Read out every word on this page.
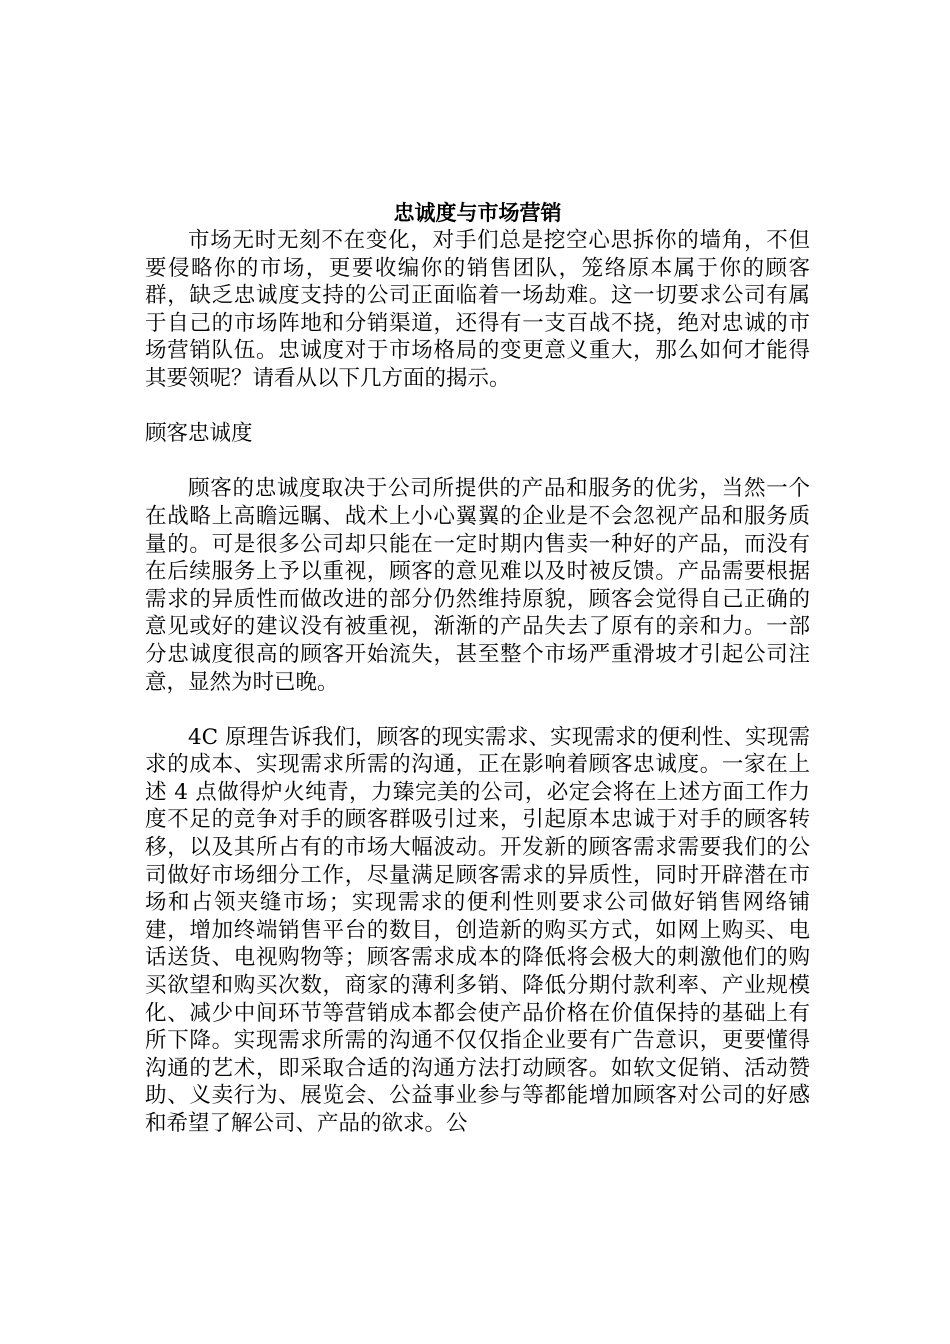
忠诚度与市场营销

市场无时无刻不在变化，对手们总是挖空心思拆你的墙角，不但要侵略你的市场，更要收编你的销售团队，笼络原本属于你的顾客群，缺乏忠诚度支持的公司正面临着一场劫难。这一切要求公司有属于自己的市场阵地和分销渠道，还得有一支百战不挠，绝对忠诚的市场营销队伍。忠诚度对于市场格局的变更意义重大，那么如何才能得其要领呢？请看从以下几方面的揭示。

顾客忠诚度

顾客的忠诚度取决于公司所提供的产品和服务的优劣，当然一个在战略上高瞻远瞩、战术上小心翼翼的企业是不会忽视产品和服务质量的。可是很多公司却只能在一定时期内售卖一种好的产品，而没有在后续服务上予以重视，顾客的意见难以及时被反馈。产品需要根据需求的异质性而做改进的部分仍然维持原貌，顾客会觉得自己正确的意见或好的建议没有被重视，渐渐的产品失去了原有的亲和力。一部分忠诚度很高的顾客开始流失，甚至整个市场严重滑坡才引起公司注意，显然为时已晚。

4C 原理告诉我们，顾客的现实需求、实现需求的便利性、实现需求的成本、实现需求所需的沟通，正在影响着顾客忠诚度。一家在上述 4 点做得炉火纯青，力臻完美的公司，必定会将在上述方面工作力度不足的竞争对手的顾客群吸引过来，引起原本忠诚于对手的顾客转移，以及其所占有的市场大幅波动。开发新的顾客需求需要我们的公司做好市场细分工作，尽量满足顾客需求的异质性，同时开辟潜在市场和占领夹缝市场；实现需求的便利性则要求公司做好销售网络铺建，增加终端销售平台的数目，创造新的购买方式，如网上购买、电话送货、电视购物等；顾客需求成本的降低将会极大的刺激他们的购买欲望和购买次数，商家的薄利多销、降低分期付款利率、产业规模化、减少中间环节等营销成本都会使产品价格在价值保持的基础上有所下降。实现需求所需的沟通不仅仅指企业要有广告意识，更要懂得沟通的艺术，即采取合适的沟通方法打动顾客。如软文促销、活动赞助、义卖行为、展览会、公益事业参与等都能增加顾客对公司的好感和希望了解公司、产品的欲求。公
